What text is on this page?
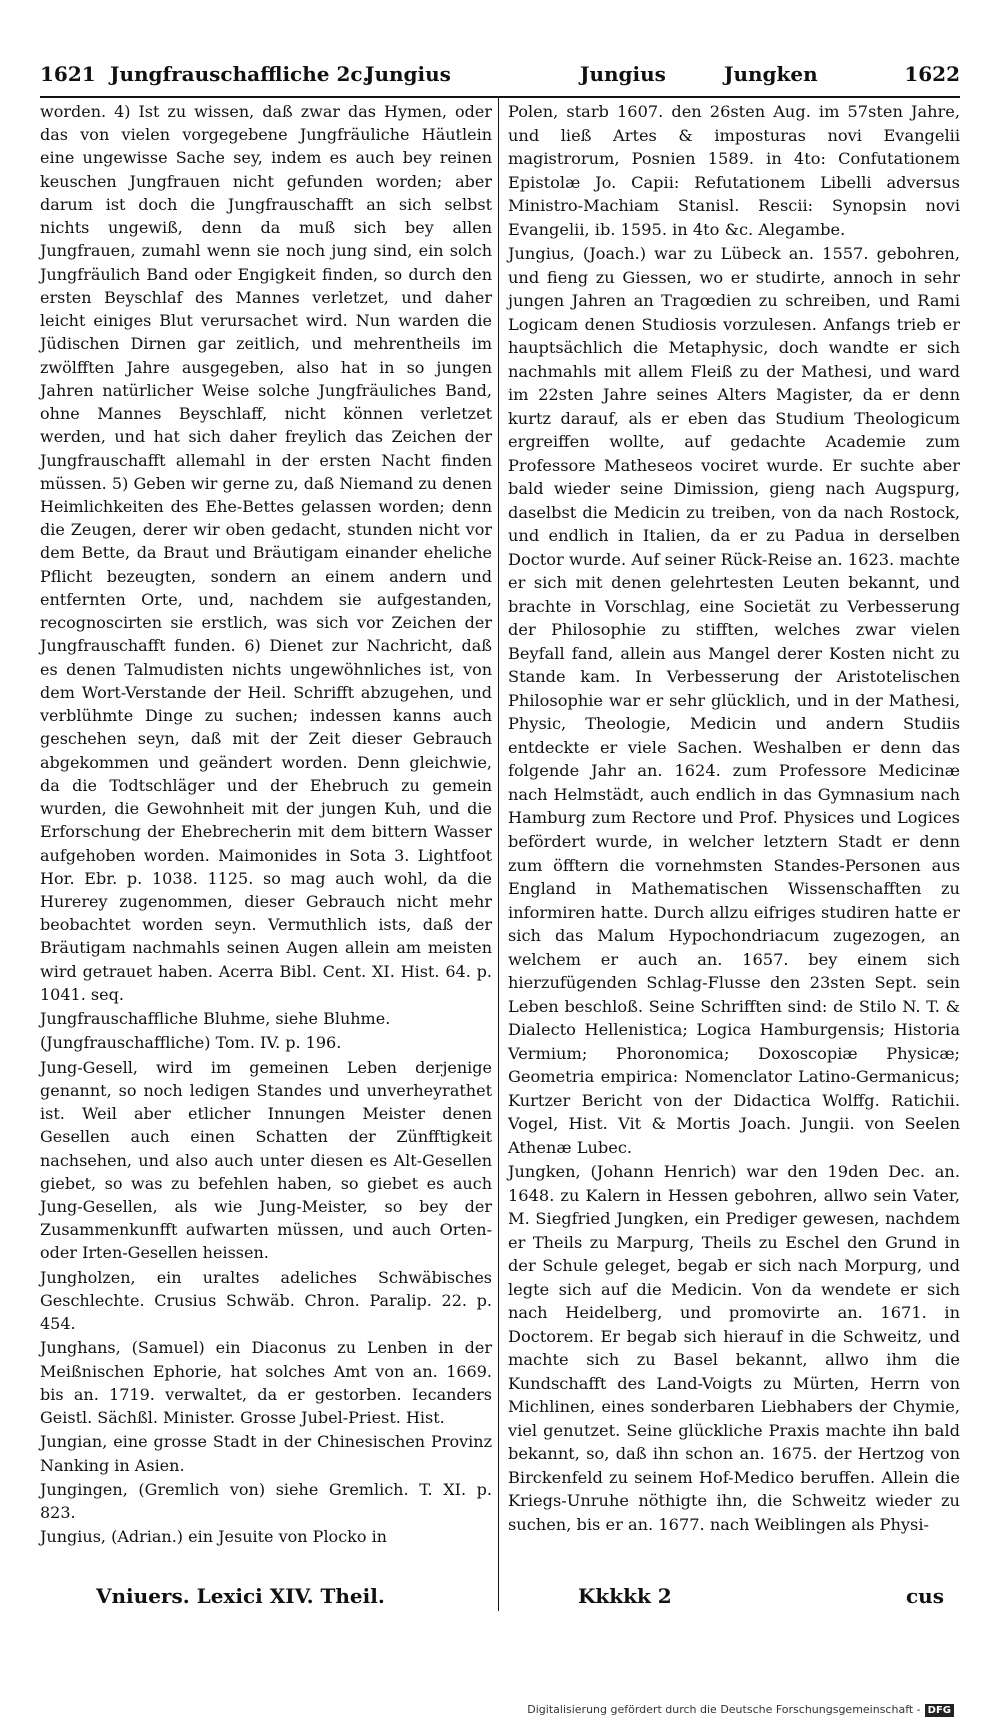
1621 Jungfrauschaffliche 2c.
Jungius	Jungius	Jungken	1622

worden. 4) Ist zu wissen, daß zwar das Hymen, oder das von vielen vorgegebene Jungfräuliche Häutlein eine ungewisse Sache sey, indem es auch bey reinen keuschen Jungfrauen nicht gefunden worden; aber darum ist doch die Jungfrauschafft an sich selbst nichts ungewiß, denn da muß sich bey allen Jungfrauen, zumahl wenn sie noch jung sind, ein solch Jungfräulich Band oder Engigkeit finden, so durch den ersten Beyschlaf des Mannes verletzet, und daher leicht einiges Blut verursachet wird. Nun warden die Jüdischen Dirnen gar zeitlich, und mehrentheils im zwölfften Jahre ausgegeben, also hat in so jungen Jahren natürlicher Weise solche Jungfräuliches Band, ohne Mannes Beyschlaff, nicht können verletzet werden, und hat sich daher freylich das Zeichen der Jungfrauschafft allemahl in der ersten Nacht finden müssen. 5) Geben wir gerne zu, daß Niemand zu denen Heimlichkeiten des Ehe-Bettes gelassen worden; denn die Zeugen, derer wir oben gedacht, stunden nicht vor dem Bette, da Braut und Bräutigam einander eheliche Pflicht bezeugten, sondern an einem andern und entfernten Orte, und, nachdem sie aufgestanden, recognoscirten sie erstlich, was sich vor Zeichen der Jungfrauschafft funden. 6) Dienet zur Nachricht, daß es denen Talmudisten nichts ungewöhnliches ist, von dem Wort-Verstande der Heil. Schrifft abzugehen, und verblühmte Dinge zu suchen; indessen kanns auch geschehen seyn, daß mit der Zeit dieser Gebrauch abgekommen und geändert worden. Denn gleichwie, da die Todtschläger und der Ehebruch zu gemein wurden, die Gewohnheit mit der jungen Kuh, und die Erforschung der Ehebrecherin mit dem bittern Wasser aufgehoben worden. Maimonides in Sota 3. Lightfoot Hor. Ebr. p. 1038. 1125. so mag auch wohl, da die Hurerey zugenommen, dieser Gebrauch nicht mehr beobachtet worden seyn. Vermuthlich ists, daß der Bräutigam nachmahls seinen Augen allein am meisten wird getrauet haben. Acerra Bibl. Cent. XI. Hist. 64. p. 1041. seq.

Jungfrauschaffliche Bluhme, siehe Bluhme.

(Jungfrauschaffliche) Tom. IV. p. 196.

Jung-Gesell, wird im gemeinen Leben derjenige genannt, so noch ledigen Standes und unverheyrathet ist. Weil aber etlicher Innungen Meister denen Gesellen auch einen Schatten der Zünfftigkeit nachsehen, und also auch unter diesen es Alt-Gesellen giebet, so was zu befehlen haben, so giebet es auch Jung-Gesellen, als wie Jung-Meister, so bey der Zusammenkunfft aufwarten müssen, und auch Orten- oder Irten-Gesellen heissen.

Jungholzen, ein uraltes adeliches Schwäbisches Geschlechte. Crusius Schwäb. Chron. Paralip. 22. p. 454.

Junghans, (Samuel) ein Diaconus zu Lenben in der Meißnischen Ephorie, hat solches Amt von an. 1669. bis an. 1719. verwaltet, da er gestorben. Iecanders Geistl. Sächßl. Minister. Grosse Jubel-Priest. Hist.

Jungian, eine grosse Stadt in der Chinesischen Provinz Nanking in Asien.

Jungingen, (Gremlich von) siehe Gremlich. T. XI. p. 823.

Jungius, (Adrian.) ein Jesuite von Plocko in

Polen, starb 1607. den 26sten Aug. im 57sten Jahre, und ließ Artes & imposturas novi Evangelii magistrorum, Posnien 1589. in 4to: Confutationem Epistolæ Jo. Capii: Refutationem Libelli adversus Ministro-Machiam Stanisl. Rescii: Synopsin novi Evangelii, ib. 1595. in 4to &c. Alegambe.

Jungius, (Joach.) war zu Lübeck an. 1557. gebohren, und fieng zu Giessen, wo er studirte, annoch in sehr jungen Jahren an Tragœdien zu schreiben, und Rami Logicam denen Studiosis vorzulesen. Anfangs trieb er hauptsächlich die Metaphysic, doch wandte er sich nachmahls mit allem Fleiß zu der Mathesi, und ward im 22sten Jahre seines Alters Magister, da er denn kurtz darauf, als er eben das Studium Theologicum ergreiffen wollte, auf gedachte Academie zum Professore Matheseos vociret wurde. Er suchte aber bald wieder seine Dimission, gieng nach Augspurg, daselbst die Medicin zu treiben, von da nach Rostock, und endlich in Italien, da er zu Padua in derselben Doctor wurde. Auf seiner Rück-Reise an. 1623. machte er sich mit denen gelehrtesten Leuten bekannt, und brachte in Vorschlag, eine Societät zu Verbesserung der Philosophie zu stifften, welches zwar vielen Beyfall fand, allein aus Mangel derer Kosten nicht zu Stande kam. In Verbesserung der Aristotelischen Philosophie war er sehr glücklich, und in der Mathesi, Physic, Theologie, Medicin und andern Studiis entdeckte er viele Sachen. Weshalben er denn das folgende Jahr an. 1624. zum Professore Medicinæ nach Helmstädt, auch endlich in das Gymnasium nach Hamburg zum Rectore und Prof. Physices und Logices befördert wurde, in welcher letztern Stadt er denn zum öfftern die vornehmsten Standes-Personen aus England in Mathematischen Wissenschafften zu informiren hatte. Durch allzu eifriges studiren hatte er sich das Malum Hypochondriacum zugezogen, an welchem er auch an. 1657. bey einem sich hierzufügenden Schlag-Flusse den 23sten Sept. sein Leben beschloß. Seine Schrifften sind: de Stilo N. T. & Dialecto Hellenistica; Logica Hamburgensis; Historia Vermium; Phoronomica; Doxoscopiæ Physicæ; Geometria empirica: Nomenclator Latino-Germanicus; Kurtzer Bericht von der Didactica Wolffg. Ratichii. Vogel, Hist. Vit & Mortis Joach. Jungii. von Seelen Athenæ Lubec.

Jungken, (Johann Henrich) war den 19den Dec. an. 1648. zu Kalern in Hessen gebohren, allwo sein Vater, M. Siegfried Jungken, ein Prediger gewesen, nachdem er Theils zu Marpurg, Theils zu Eschel den Grund in der Schule geleget, begab er sich nach Morpurg, und legte sich auf die Medicin. Von da wendete er sich nach Heidelberg, und promovirte an. 1671. in Doctorem. Er begab sich hierauf in die Schweitz, und machte sich zu Basel bekannt, allwo ihm die Kundschafft des Land-Voigts zu Mürten, Herrn von Michlinen, eines sonderbaren Liebhabers der Chymie, viel genutzet. Seine glückliche Praxis machte ihn bald bekannt, so, daß ihn schon an. 1675. der Hertzog von Birckenfeld zu seinem Hof-Medico beruffen. Allein die Kriegs-Unruhe nöthigte ihn, die Schweitz wieder zu suchen, bis er an. 1677. nach Weiblingen als Physi-

Vniuers. Lexici XIV. Theil.	Kkkkk 2	cus
Digitalisierung gefördert durch die Deutsche Forschungsgemeinschaft - DFG
